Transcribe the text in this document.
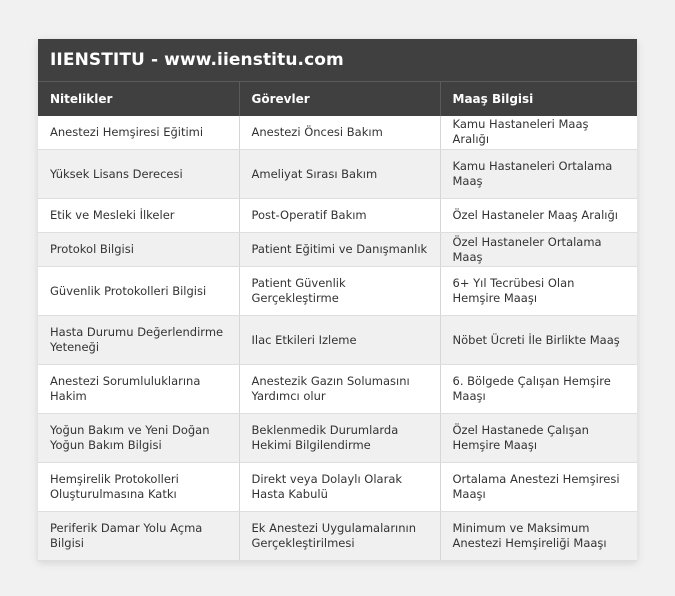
IIENSTITU - www.iienstitu.com
Nitelikler	Görevler	Maaş Bilgisi
Anestezi Hemşiresi Eğitimi	Anestezi Öncesi Bakım	Kamu Hastaneleri Maaş Aralığı
Yüksek Lisans Derecesi	Ameliyat Sırası Bakım	Kamu Hastaneleri Ortalama Maaş
Etik ve Mesleki İlkeler	Post-Operatif Bakım	Özel Hastaneler Maaş Aralığı
Protokol Bilgisi	Patient Eğitimi ve Danışmanlık	Özel Hastaneler Ortalama Maaş
Güvenlik Protokolleri Bilgisi	Patient Güvenlik Gerçekleştirme	6+ Yıl Tecrübesi Olan Hemşire Maaşı
Hasta Durumu Değerlendirme Yeteneği	Ilac Etkileri Izleme	Nöbet Ücreti İle Birlikte Maaş
Anestezi Sorumluluklarına Hakim	Anestezik Gazın Solumasını Yardımcı olur	6. Bölgede Çalışan Hemşire Maaşı
Yoğun Bakım ve Yeni Doğan Yoğun Bakım Bilgisi	Beklenmedik Durumlarda Hekimi Bilgilendirme	Özel Hastanede Çalışan Hemşire Maaşı
Hemşirelik Protokolleri Oluşturulmasına Katkı	Direkt veya Dolaylı Olarak Hasta Kabulü	Ortalama Anestezi Hemşiresi Maaşı
Periferik Damar Yolu Açma Bilgisi	Ek Anestezi Uygulamalarının Gerçekleştirilmesi	Minimum ve Maksimum Anestezi Hemşireliği Maaşı
